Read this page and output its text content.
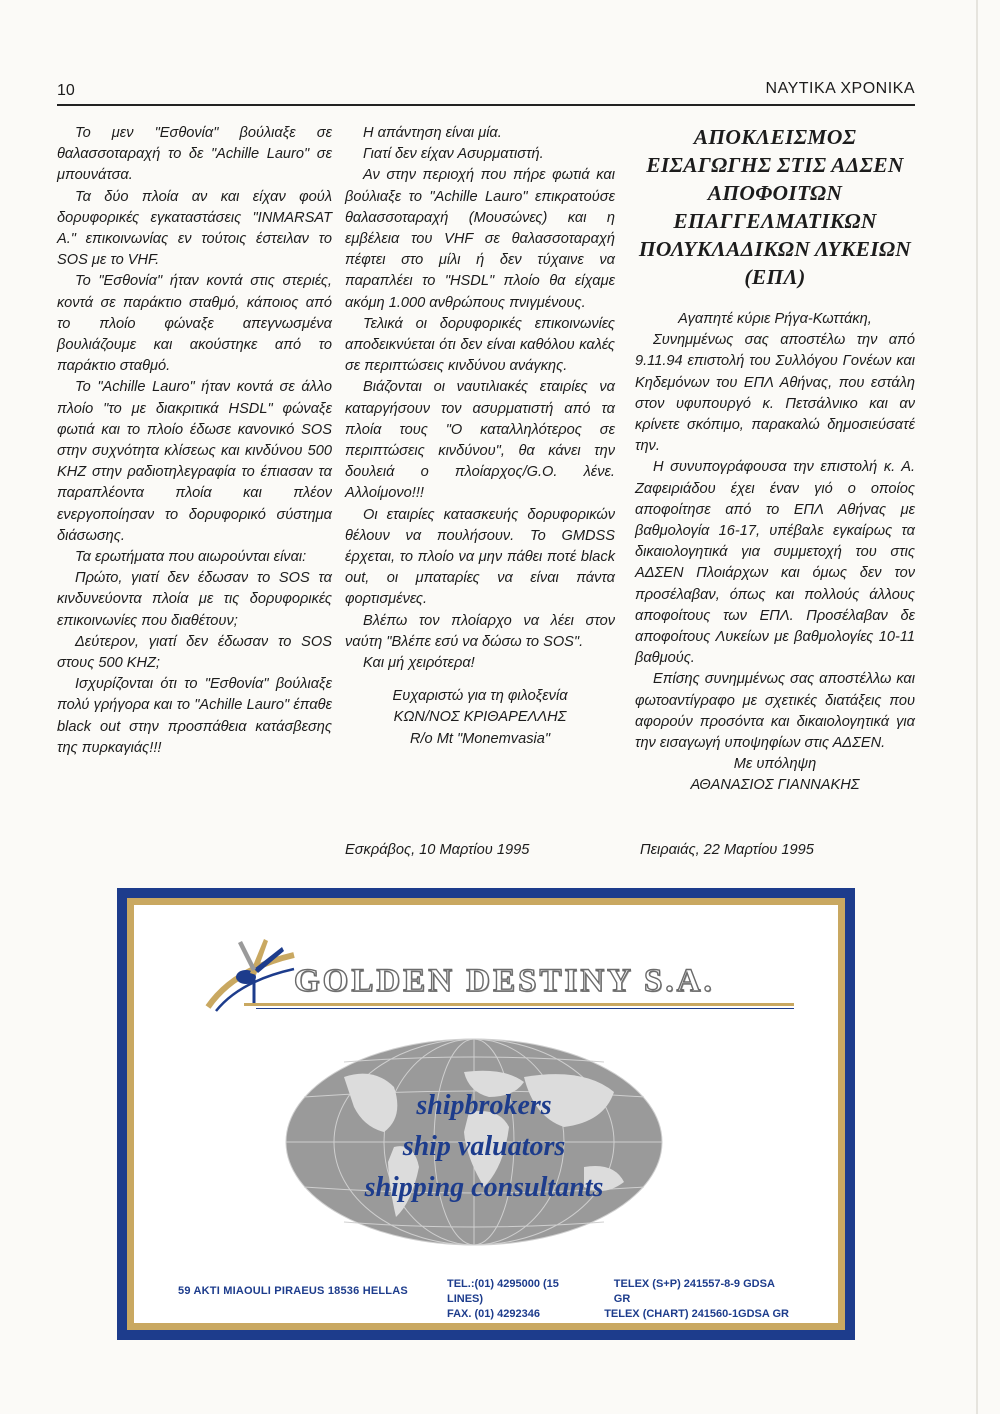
10	ΝΑΥΤΙΚΑ ΧΡΟΝΙΚΑ

Το μεν "Εσθονία" βούλιαξε σε θαλασσοταραχή το δε "Achille Lauro" σε μπουνάτσα.

Τα δύο πλοία αν και είχαν φούλ δορυφορικές εγκαταστάσεις "INMARSAT A." επικοινωνίας εν τούτοις έστειλαν το SOS με το VHF.

Το "Εσθονία" ήταν κοντά στις στεριές, κοντά σε παράκτιο σταθμό, κάποιος από το πλοίο φώναξε απεγνωσμένα βουλιάζουμε και ακούστηκε από το παράκτιο σταθμό.

Το "Achille Lauro" ήταν κοντά σε άλλο πλοίο "το με διακριτικά HSDL" φώναξε φωτιά και το πλοίο έδωσε κανονικό SOS στην συχνότητα κλίσεως και κινδύνου 500 KHZ στην ραδιοτηλεγραφία το έπιασαν τα παραπλέοντα πλοία και πλέον ενεργοποίησαν το δορυφορικό σύστημα διάσωσης.

Τα ερωτήματα που αιωρούνται είναι:

Πρώτο, γιατί δεν έδωσαν το SOS τα κινδυνεύοντα πλοία με τις δορυφορικές επικοινωνίες που διαθέτουν;

Δεύτερον, γιατί δεν έδωσαν το SOS στους 500 KHZ;

Ισχυρίζονται ότι το "Εσθονία" βούλιαξε πολύ γρήγορα και το "Achille Lauro" έπαθε black out στην προσπάθεια κατάσβεσης της πυρκαγιάς!!!

Η απάντηση είναι μία.

Γιατί δεν είχαν Ασυρματιστή.

Αν στην περιοχή που πήρε φωτιά και βούλιαξε το "Achille Lauro" επικρατούσε θαλασσοταραχή (Μουσώνες) και η εμβέλεια του VHF σε θαλασσοταραχή πέφτει στο μίλι ή δεν τύχαινε να παραπλέει το "HSDL" πλοίο θα είχαμε ακόμη 1.000 ανθρώπους πνιγμένους.

Τελικά οι δορυφορικές επικοινωνίες αποδεικνύεται ότι δεν είναι καθόλου καλές σε περιπτώσεις κινδύνου ανάγκης.

Βιάζονται οι ναυτιλιακές εταιρίες να καταργήσουν τον ασυρματιστή από τα πλοία τους "Ο καταλληλότερος σε περιπτώσεις κινδύνου", θα κάνει την δουλειά ο πλοίαρχος/G.O. λένε. Αλλοίμονο!!!

Οι εταιρίες κατασκευής δορυφορικών θέλουν να πουλήσουν. Το GMDSS έρχεται, το πλοίο να μην πάθει ποτέ black out, οι μπαταρίες να είναι πάντα φορτισμένες.

Βλέπω τον πλοίαρχο να λέει στον ναύτη "Βλέπε εσύ να δώσω το SOS".

Και μή χειρότερα!

Ευχαριστώ για τη φιλοξενία

ΚΩΝ/ΝΟΣ ΚΡΙΘΑΡΕΛΛΗΣ

R/o Mt "Monemvasia"

Εσκράβος, 10 Μαρτίου 1995
ΑΠΟΚΛΕΙΣΜΟΣ ΕΙΣΑΓΩΓΗΣ ΣΤΙΣ ΑΔΣΕΝ ΑΠΟΦΟΙΤΩΝ ΕΠΑΓΓΕΛΜΑΤΙΚΩΝ ΠΟΛΥΚΛΑΔΙΚΩΝ ΛΥΚΕΙΩΝ (ΕΠΛ)

Αγαπητέ κύριε Ρήγα-Κωττάκη,

Συνημμένως σας αποστέλω την από 9.11.94 επιστολή του Συλλόγου Γονέων και Κηδεμόνων του ΕΠΛ Αθήνας, που εστάλη στον υφυπουργό κ. Πετσάλνικο και αν κρίνετε σκόπιμο, παρακαλώ δημοσιεύσατέ την.

Η συνυπογράφουσα την επιστολή κ. Α. Ζαφειριάδου έχει έναν γιό ο οποίος αποφοίτησε από το ΕΠΛ Αθήνας με βαθμολογία 16-17, υπέβαλε εγκαίρως τα δικαιολογητικά για συμμετοχή του στις ΑΔΣΕΝ Πλοιάρχων και όμως δεν τον προσέλαβαν, όπως και πολλούς άλλους αποφοίτους των ΕΠΛ. Προσέλαβαν δε αποφοίτους Λυκείων με βαθμολογίες 10-11 βαθμούς.

Επίσης συνημμένως σας αποστέλλω και φωτοαντίγραφο με σχετικές διατάξεις που αφορούν προσόντα και δικαιολογητικά για την εισαγωγή υποψηφίων στις ΑΔΣΕΝ.

Με υπόληψη

ΑΘΑΝΑΣΙΟΣ ΓΙΑΝΝΑΚΗΣ

Πειραιάς, 22 Μαρτίου 1995
GOLDEN DESTINY S.A.
shipbrokers
ship valuators
shipping consultants
59 AKTI MIAOULI PIRAEUS 18536 HELLAS
TEL.:(01) 4295000 (15 LINES)
TELEX (S+P) 241557-8-9 GDSA GR
FAX. (01) 4292346	TELEX (CHART) 241560-1GDSA GR
